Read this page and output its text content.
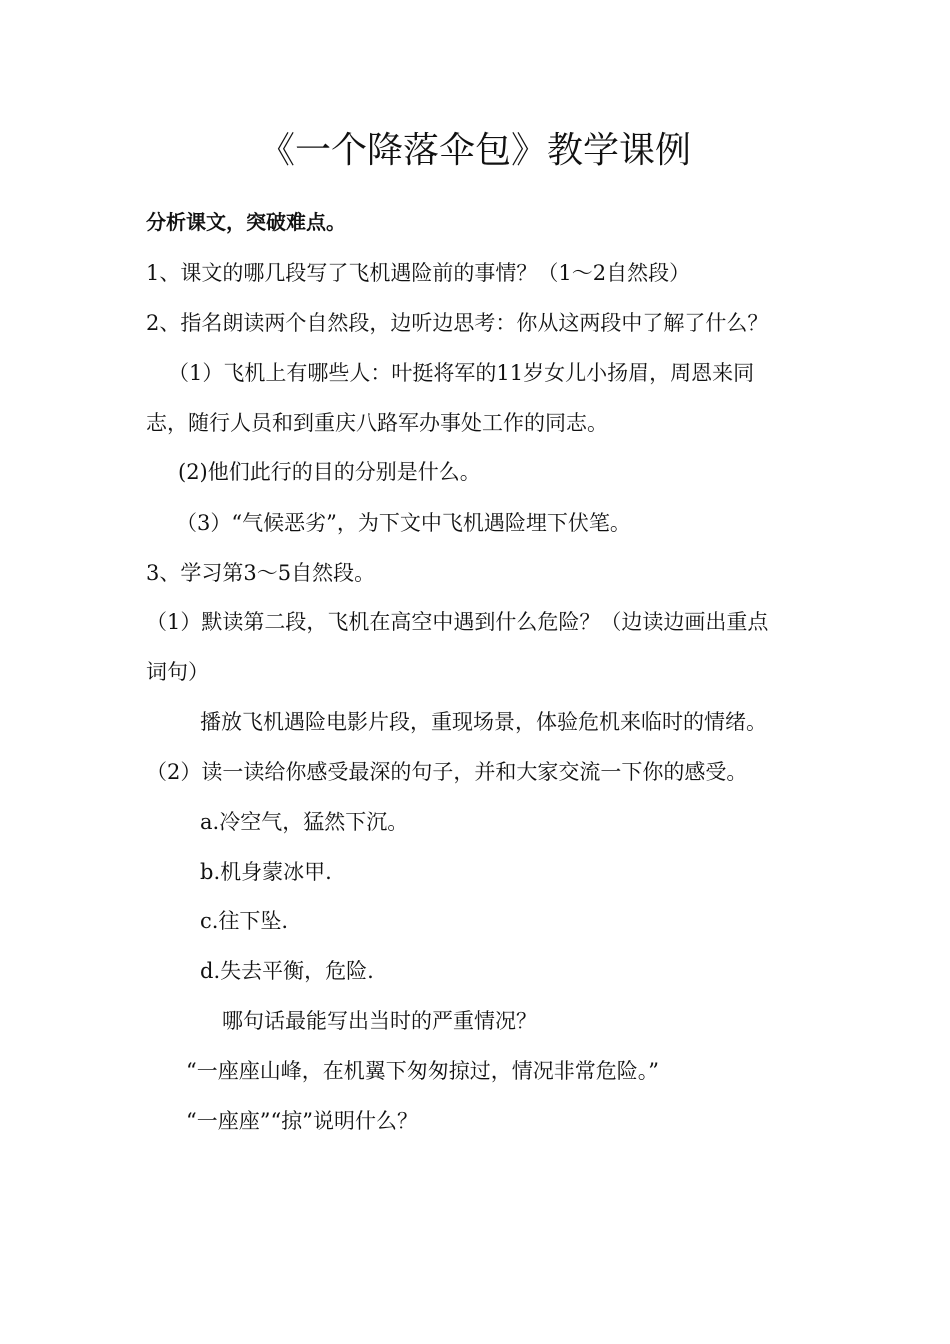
《一个降落伞包》教学课例
分析课文，突破难点。
1、课文的哪几段写了飞机遇险前的事情？（1～2自然段）
2、指名朗读两个自然段，边听边思考：你从这两段中了解了什么？
（1）飞机上有哪些人：叶挺将军的11岁女儿小扬眉，周恩来同
志，随行人员和到重庆八路军办事处工作的同志。
(2)他们此行的目的分别是什么。
（3）“气候恶劣”，为下文中飞机遇险埋下伏笔。
3、学习第3～5自然段。
（1）默读第二段，飞机在高空中遇到什么危险？（边读边画出重点
词句）
播放飞机遇险电影片段，重现场景，体验危机来临时的情绪。
（2）读一读给你感受最深的句子，并和大家交流一下你的感受。
a.冷空气，猛然下沉。
b.机身蒙冰甲.
c.往下坠.
d.失去平衡，危险.
哪句话最能写出当时的严重情况？
“一座座山峰，在机翼下匆匆掠过，情况非常危险。”
“一座座”“掠”说明什么？
